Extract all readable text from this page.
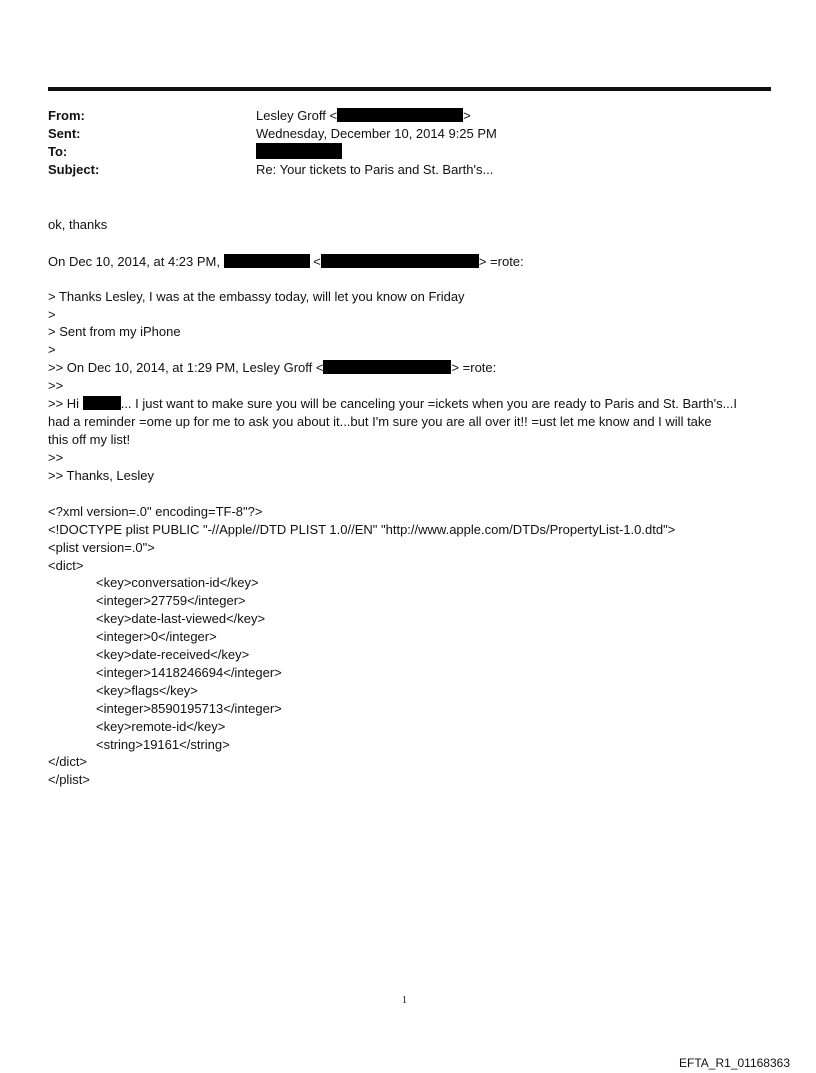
From:	Lesley Groff <	>
Sent:	Wednesday, December 10, 2014 9:25 PM
To:
Subject:	Re: Your tickets to Paris and St. Barth's...
ok, thanks
On Dec 10, 2014, at 4:23 PM,	<	> =rote:
> Thanks Lesley, I was at the embassy today, will let you know on Friday
>
> Sent from my iPhone
>
>> On Dec 10, 2014, at 1:29 PM, Lesley Groff <	> =rote:
>>
>> Hi	... I just want to make sure you will be canceling your =ickets when you are ready to Paris and St. Barth's...I
had a reminder =ome up for me to ask you about it...but I'm sure you are all over it!! =ust let me know and I will take
this off my list!
>>
>> Thanks, Lesley
<?xml version=.0" encoding=TF-8"?>
<!DOCTYPE plist PUBLIC "-//Apple//DTD PLIST 1.0//EN" "http://www.apple.com/DTDs/PropertyList-1.0.dtd">
<plist version=.0">
<dict>
<key>conversation-id</key>
<integer>27759</integer>
<key>date-last-viewed</key>
<integer>0</integer>
<key>date-received</key>
<integer>1418246694</integer>
<key>flags</key>
<integer>8590195713</integer>
<key>remote-id</key>
<string>19161</string>
</dict>
</plist>
1
EFTA_R1_01168363
